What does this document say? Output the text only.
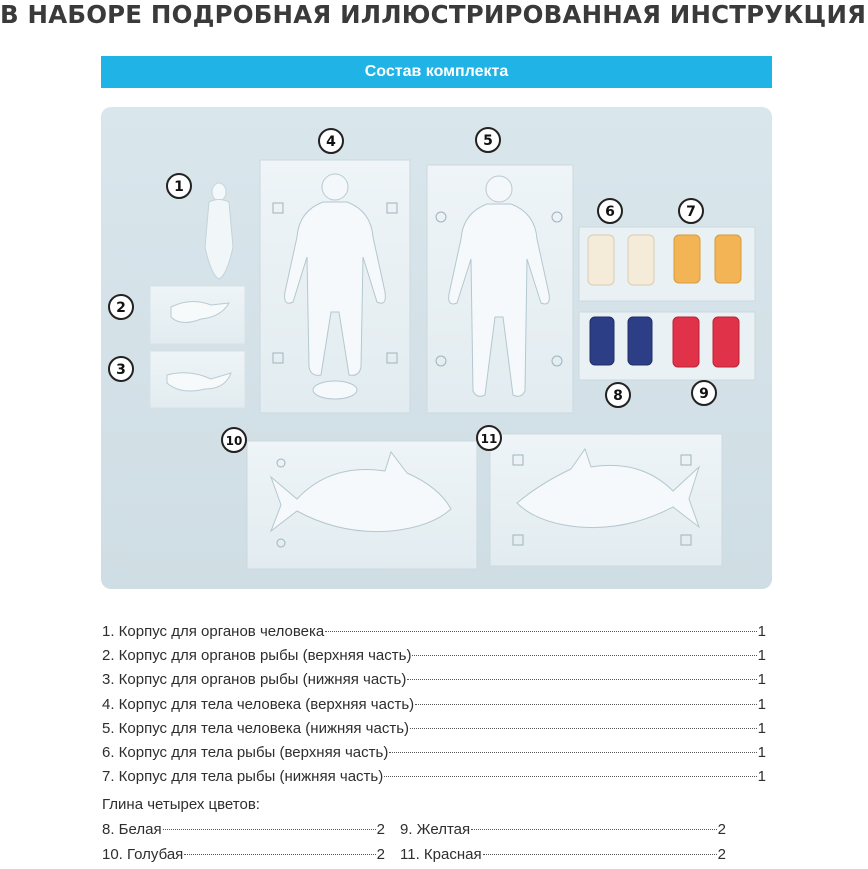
В НАБОРЕ ПОДРОБНАЯ ИЛЛЮСТРИРОВАННАЯ ИНСТРУКЦИЯ
Состав комплекта
1
2
3
4	5
6	7
8	9
10	11
1. Корпус для органов человека	1
2. Корпус для органов рыбы (верхняя часть)	1
3. Корпус для органов рыбы (нижняя часть)	1
4. Корпус для тела человека (верхняя часть)	1
5. Корпус для тела человека (нижняя часть)	1
6. Корпус для тела рыбы (верхняя часть)	1
7. Корпус для тела рыбы (нижняя часть)	1
Глина четырех цветов:
8. Белая	2 9. Желтая	2
10. Голубая	2 11. Красная	2
